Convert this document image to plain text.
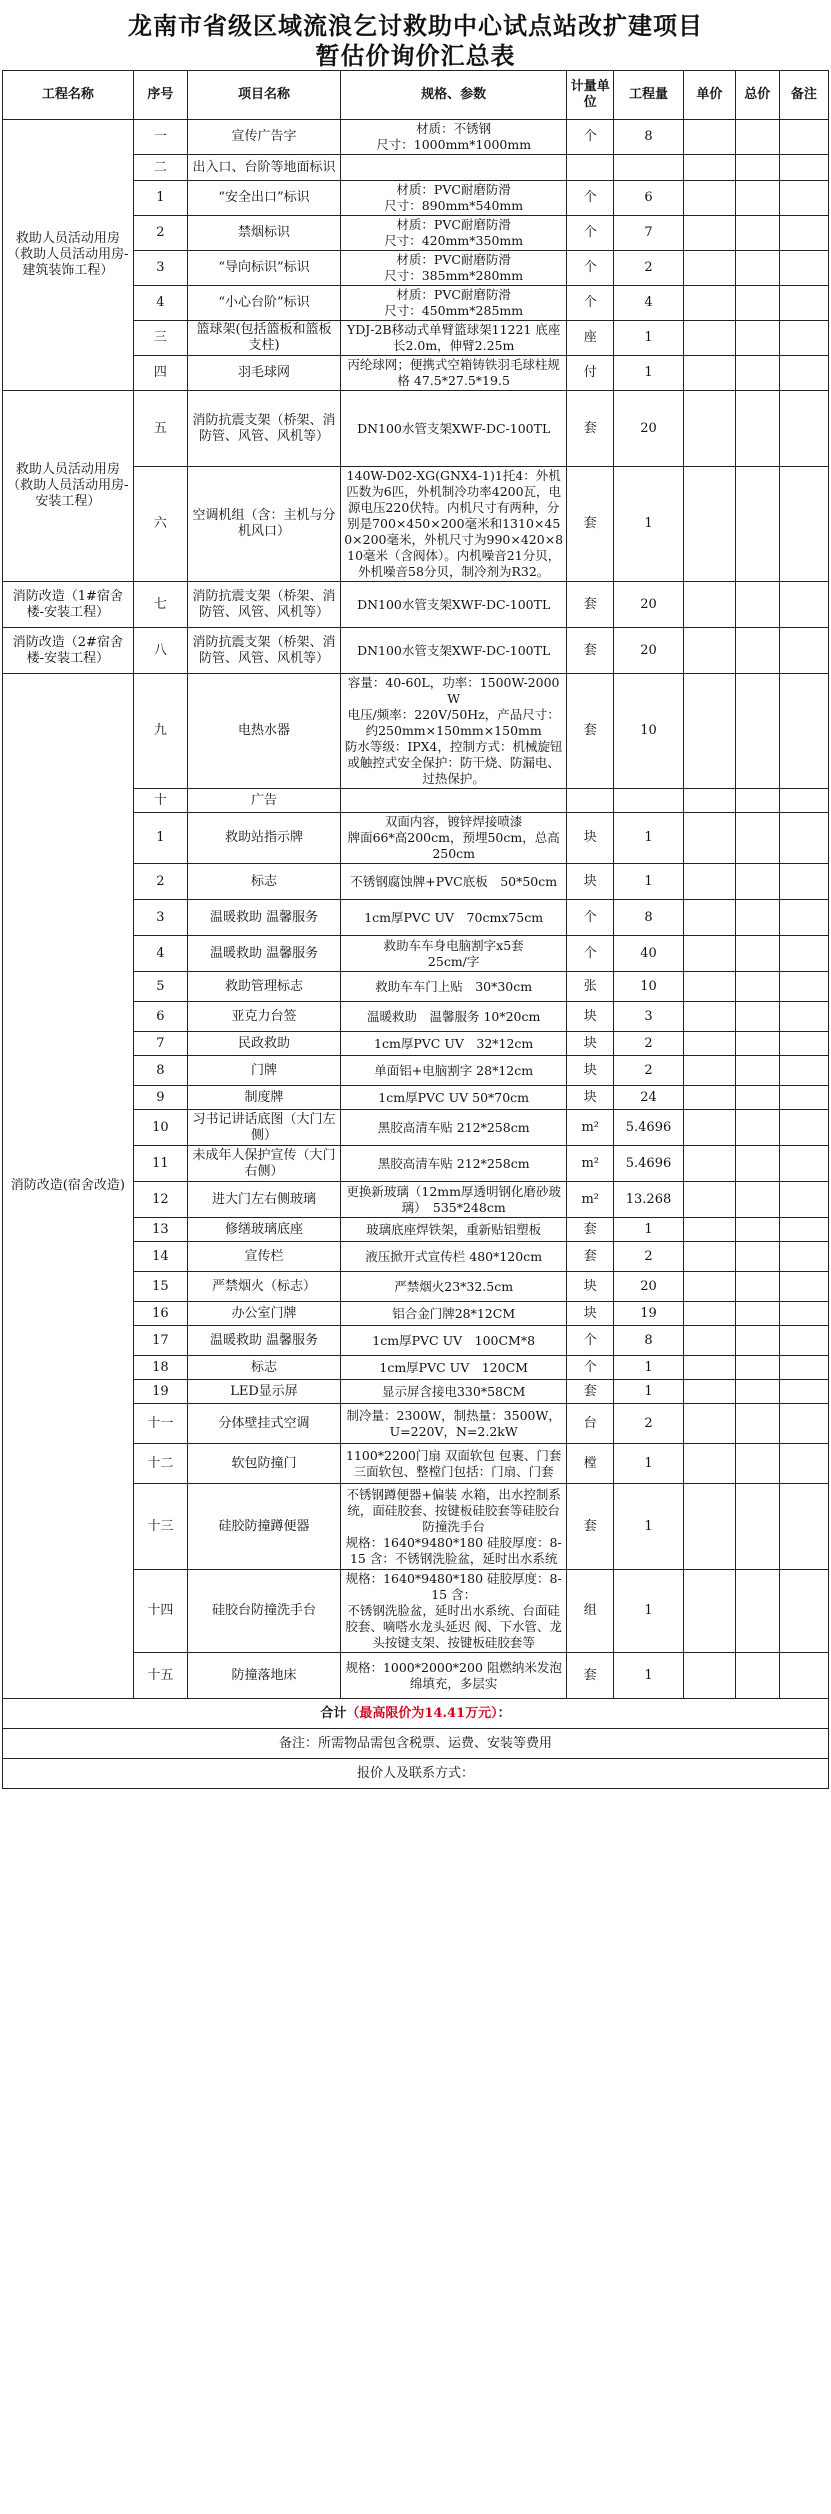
龙南市省级区域流浪乞讨救助中心试点站改扩建项目
暂估价询价汇总表
工程名称	序号	项目名称	规格、参数	计量单位	工程量	单价	总价	备注
救助人员活动用房（救助人员活动用房-建筑装饰工程）	一	宣传广告字	材质：不锈钢
尺寸：1000mm*1000mm	个	8			
	二	出入口、台阶等地面标识						
	1	“安全出口”标识	材质：PVC耐磨防滑
尺寸：890mm*540mm	个	6			
	2	禁烟标识	材质：PVC耐磨防滑
尺寸：420mm*350mm	个	7			
	3	“导向标识”标识	材质：PVC耐磨防滑
尺寸：385mm*280mm	个	2			
	4	“小心台阶”标识	材质：PVC耐磨防滑
尺寸：450mm*285mm	个	4			
	三	篮球架(包括篮板和篮板支柱)	YDJ-2B移动式单臂篮球架11221 底座长2.0m，伸臂2.25m	座	1			
	四	羽毛球网	丙纶球网；便携式空箱铸铁羽毛球柱规格 47.5*27.5*19.5	付	1			
救助人员活动用房（救助人员活动用房-安装工程）	五	消防抗震支架（桥架、消防管、风管、风机等）	DN100水管支架XWF-DC-100TL	套	20			
	六	空调机组（含：主机与分机风口）	140W-D02-XG(GNX4-1)1托4：外机匹数为6匹，外机制冷功率4200瓦，电源电压220伏特。内机尺寸有两种，分别是700×450×200毫米和1310×450×200毫米，外机尺寸为990×420×810毫米（含阀体）。内机噪音21分贝，外机噪音58分贝，制冷剂为R32。	套	1			
消防改造（1#宿舍楼-安装工程）	七	消防抗震支架（桥架、消防管、风管、风机等）	DN100水管支架XWF-DC-100TL	套	20			
消防改造（2#宿舍楼-安装工程）	八	消防抗震支架（桥架、消防管、风管、风机等）	DN100水管支架XWF-DC-100TL	套	20			
消防改造(宿舍改造)	九	电热水器	容量：40-60L，功率：1500W-2000W
电压/频率：220V/50Hz，产品尺寸：约250mm×150mm×150mm
防水等级：IPX4，控制方式：机械旋钮或触控式安全保护：防干烧、防漏电、过热保护。	套	10			
	十	广告						
	1	救助站指示牌	双面内容，镀锌焊接喷漆
牌面66*高200cm，预埋50cm，总高250cm	块	1			
	2	标志	不锈钢腐蚀牌+PVC底板　50*50cm	块	1			
	3	温暖救助 温馨服务	1cm厚PVC UV　70cmx75cm	个	8			
	4	温暖救助 温馨服务	救助车车身电脑割字x5套
25cm/字	个	40			
	5	救助管理标志	救助车车门上贴　30*30cm	张	10			
	6	亚克力台签	温暖救助　温馨服务 10*20cm	块	3			
	7	民政救助	1cm厚PVC UV　32*12cm	块	2			
	8	门牌	单面铝+电脑割字 28*12cm	块	2			
	9	制度牌	1cm厚PVC UV 50*70cm	块	24			
	10	习书记讲话底图（大门左侧）	黑胶高清车贴 212*258cm	m²	5.4696			
	11	未成年人保护宣传（大门右侧）	黑胶高清车贴 212*258cm	m²	5.4696			
	12	进大门左右侧玻璃	更换新玻璃（12mm厚透明钢化磨砂玻璃）　535*248cm	m²	13.268			
	13	修缮玻璃底座	玻璃底座焊铁架，重新贴铝塑板	套	1			
	14	宣传栏	液压掀开式宣传栏 480*120cm	套	2			
	15	严禁烟火（标志）	严禁烟火23*32.5cm	块	20			
	16	办公室门牌	铝合金门牌28*12CM	块	19			
	17	温暖救助 温馨服务	1cm厚PVC UV　100CM*8	个	8			
	18	标志	1cm厚PVC UV　120CM	个	1			
	19	LED显示屏	显示屏含接电330*58CM	套	1			
	十一	分体壁挂式空调	制冷量：2300W，制热量：3500W，U=220V，N=2.2kW	台	2			
	十二	软包防撞门	1100*2200门扇 双面软包 包裹、门套 三面软包、整樘门包括：门扇、门套	樘	1			
	十三	硅胶防撞蹲便器	不锈钢蹲便器+偏装 水箱，出水控制系统，面硅胶套、按键板硅胶套等硅胶台防撞洗手台
规格：1640*9480*180 硅胶厚度：8-15 含：不锈钢洗脸盆，延时出水系统	套	1			
	十四	硅胶台防撞洗手台	规格：1640*9480*180 硅胶厚度：8-15 含：
不锈钢洗脸盆，延时出水系统、台面硅胶套、嘀嗒水龙头延迟 阀、下水管、龙头按键支架、按键板硅胶套等	组	1			
	十五	防撞落地床	规格：1000*2000*200 阻燃纳米发泡绵填充，多层实	套	1			
合计（最高限价为14.41万元）：								
备注：所需物品需包含税票、运费、安装等费用								
报价人及联系方式：								
